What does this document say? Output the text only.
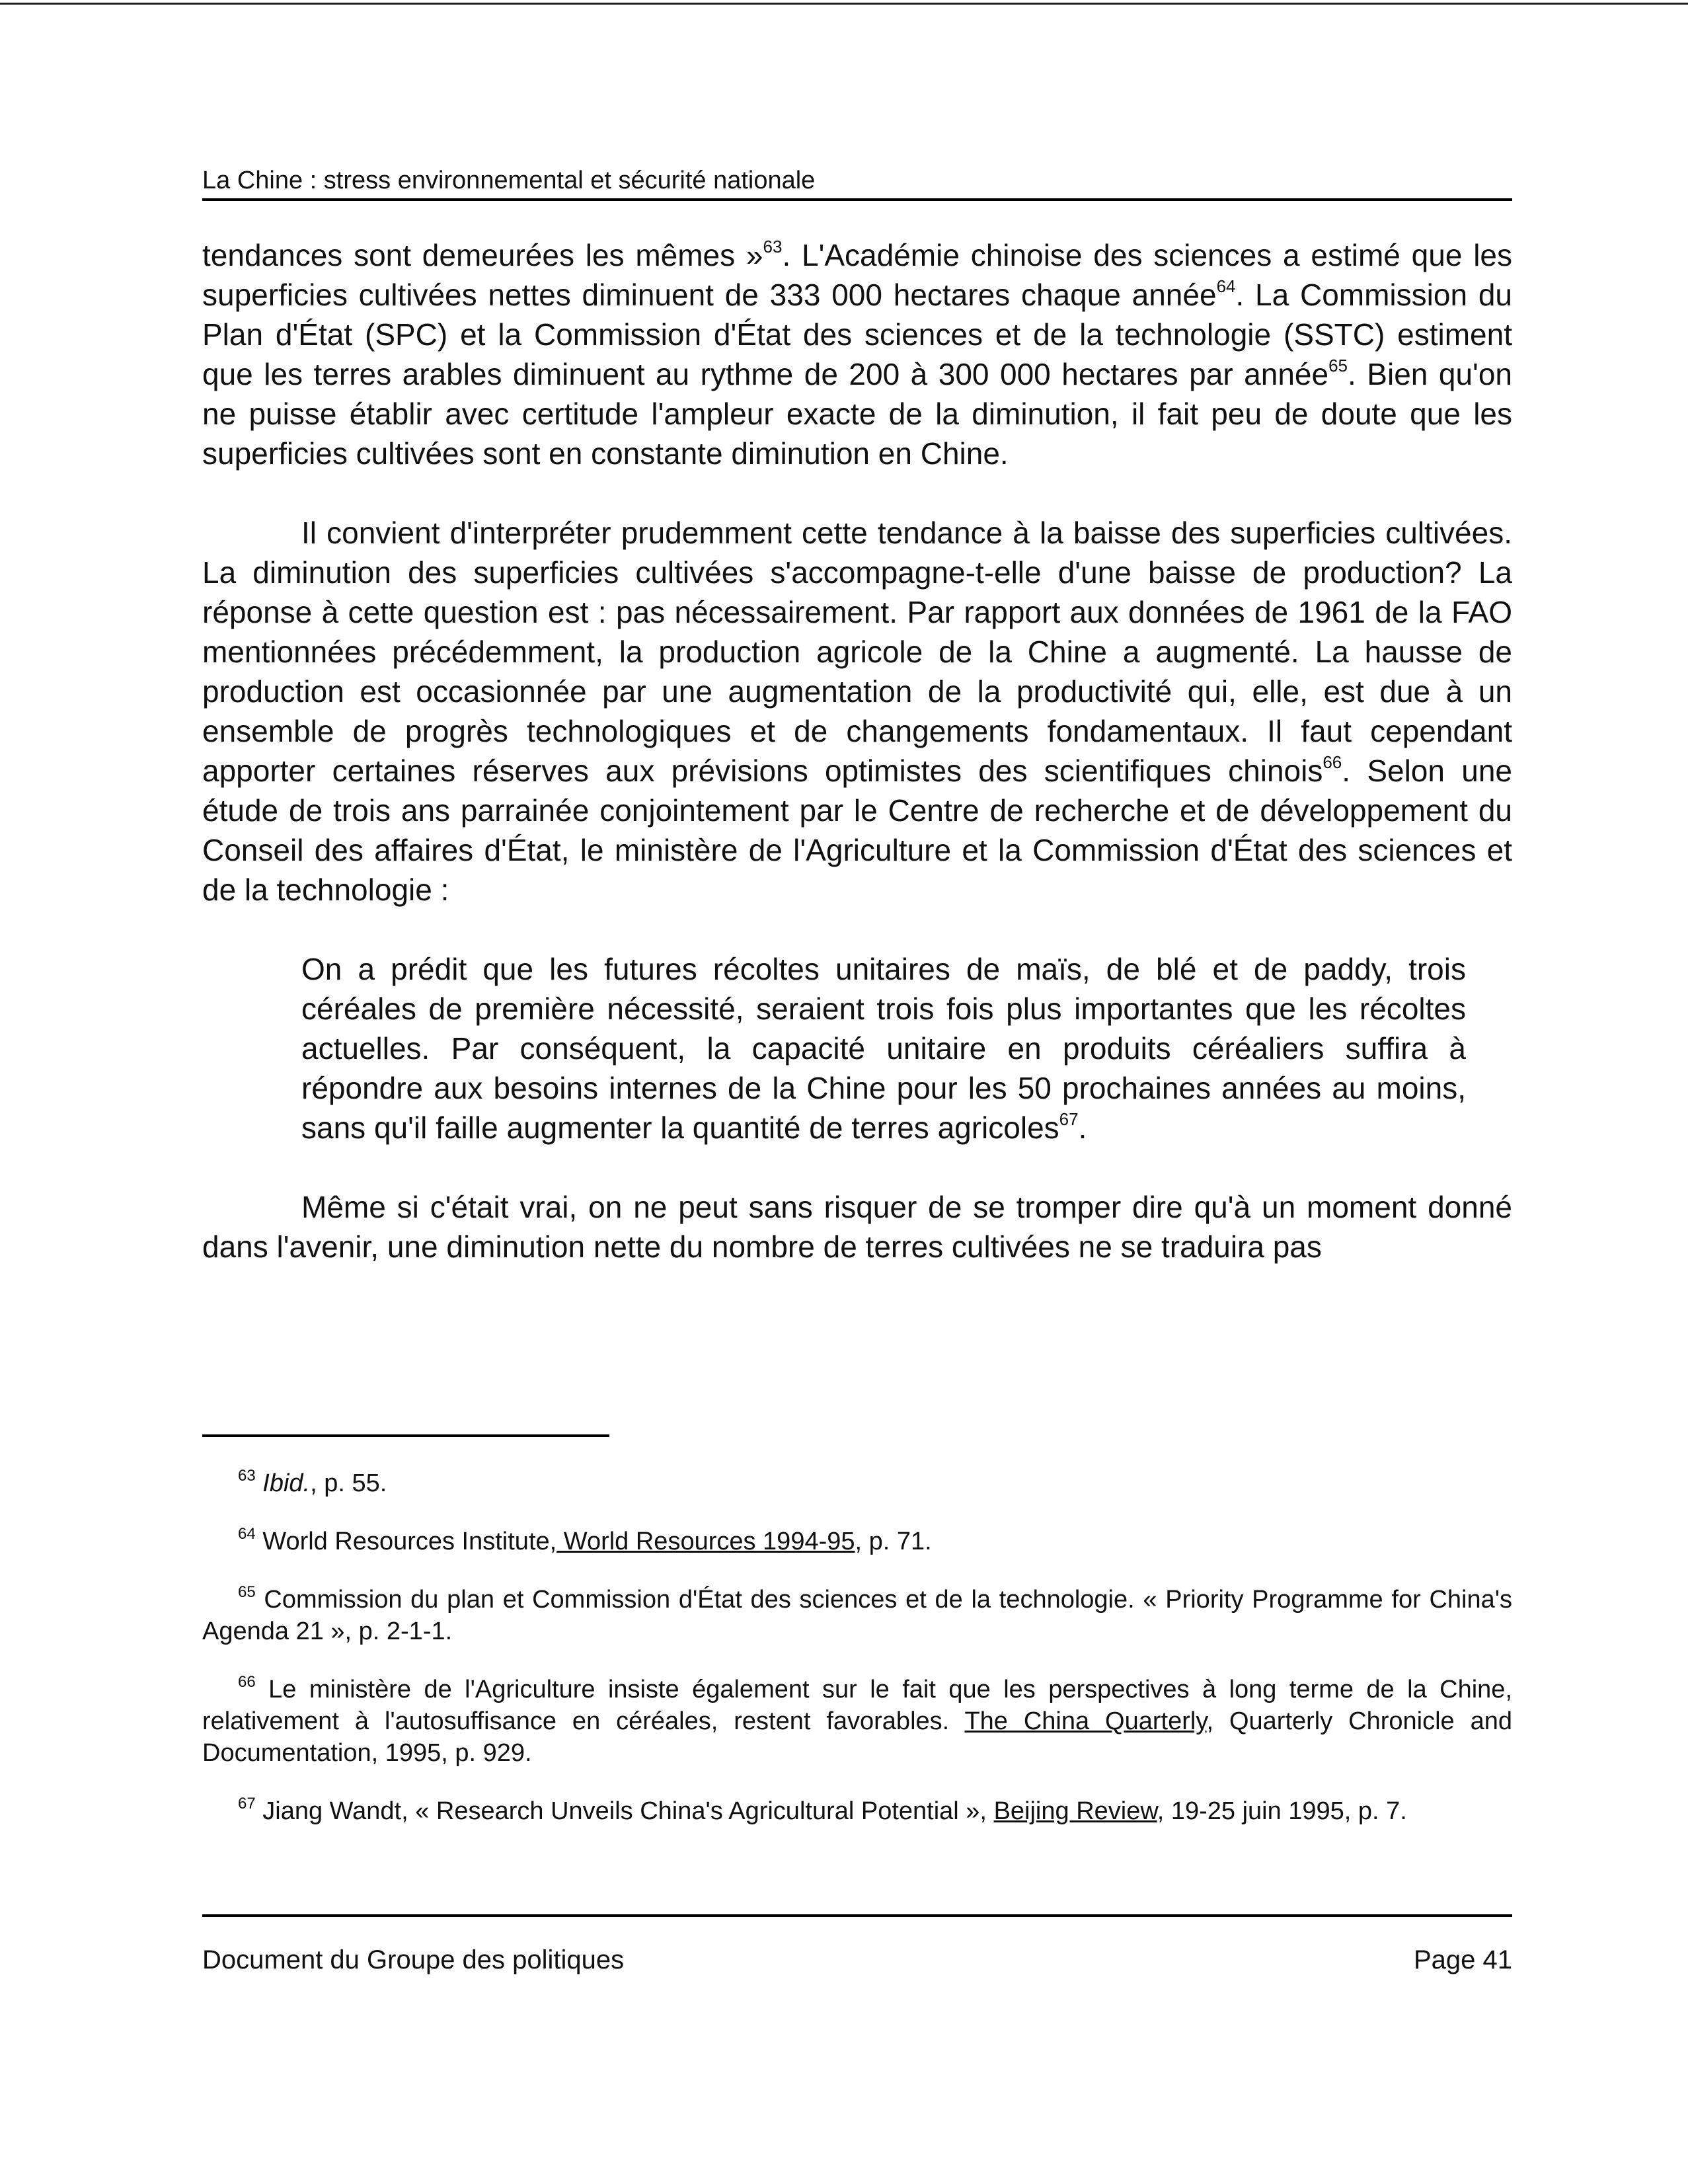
La Chine : stress environnemental et sécurité nationale

tendances sont demeurées les mêmes »$^{63}$. L'Académie chinoise des sciences a estimé que les superficies cultivées nettes diminuent de 333 000 hectares chaque année$^{64}$. La Commission du Plan d'État (SPC) et la Commission d'État des sciences et de la technologie (SSTC) estiment que les terres arables diminuent au rythme de 200 à 300 000 hectares par année$^{65}$. Bien qu'on ne puisse établir avec certitude l'ampleur exacte de la diminution, il fait peu de doute que les superficies cultivées sont en constante diminution en Chine.

Il convient d'interpréter prudemment cette tendance à la baisse des superficies cultivées. La diminution des superficies cultivées s'accompagne-t-elle d'une baisse de production? La réponse à cette question est : pas nécessairement. Par rapport aux données de 1961 de la FAO mentionnées précédemment, la production agricole de la Chine a augmenté. La hausse de production est occasionnée par une augmentation de la productivité qui, elle, est due à un ensemble de progrès technologiques et de changements fondamentaux. Il faut cependant apporter certaines réserves aux prévisions optimistes des scientifiques chinois$^{66}$. Selon une étude de trois ans parrainée conjointement par le Centre de recherche et de développement du Conseil des affaires d'État, le ministère de l'Agriculture et la Commission d'État des sciences et de la technologie :

On a prédit que les futures récoltes unitaires de maïs, de blé et de paddy, trois céréales de première nécessité, seraient trois fois plus importantes que les récoltes actuelles. Par conséquent, la capacité unitaire en produits céréaliers suffira à répondre aux besoins internes de la Chine pour les 50 prochaines années au moins, sans qu'il faille augmenter la quantité de terres agricoles$^{67}$.

Même si c'était vrai, on ne peut sans risquer de se tromper dire qu'à un moment donné dans l'avenir, une diminution nette du nombre de terres cultivées ne se traduira pas

$^{63}$ Ibid., p. 55.

$^{64}$ World Resources Institute, World Resources 1994-95, p. 71.

$^{65}$ Commission du plan et Commission d'État des sciences et de la technologie. « Priority Programme for China's Agenda 21 », p. 2-1-1.

$^{66}$ Le ministère de l'Agriculture insiste également sur le fait que les perspectives à long terme de la Chine, relativement à l'autosuffisance en céréales, restent favorables. The China Quarterly, Quarterly Chronicle and Documentation, 1995, p. 929.

$^{67}$ Jiang Wandt, « Research Unveils China's Agricultural Potential », Beijing Review, 19-25 juin 1995, p. 7.

Document du Groupe des politiques	Page 41
